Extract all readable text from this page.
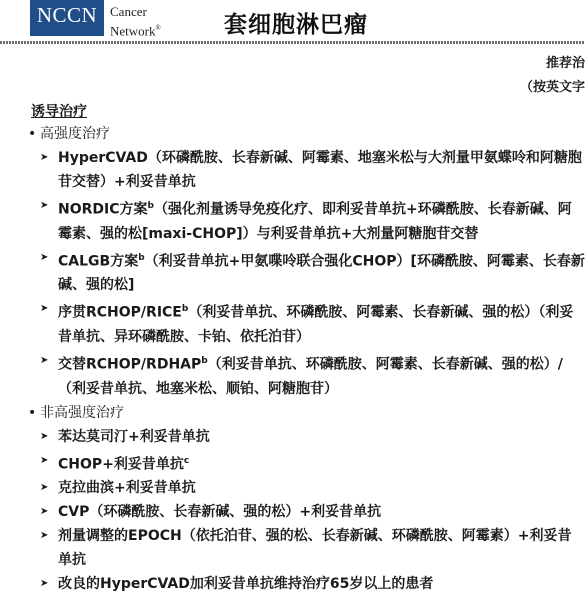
NCCN Cancer
Network®	套细胞淋巴瘤
推荐治
（按英文字
诱导治疗
• 高强度治疗
➤ HyperCVAD（环磷酰胺、长春新碱、阿霉素、地塞米松与大剂量甲氨蝶呤和阿糖胞苷交替）+利妥昔单抗
➤ NORDIC方案$^b$（强化剂量诱导免疫化疗、即利妥昔单抗+环磷酰胺、长春新碱、阿霉素、强的松[maxi-CHOP]）与利妥昔单抗+大剂量阿糖胞苷交替
➤ CALGB方案$^b$（利妥昔单抗+甲氨喋呤联合强化CHOP）[环磷酰胺、阿霉素、长春新碱、强的松]
➤ 序贯RCHOP/RICE$^b$（利妥昔单抗、环磷酰胺、阿霉素、长春新碱、强的松）（利妥昔单抗、异环磷酰胺、卡铂、依托泊苷）
➤ 交替RCHOP/RDHAP$^b$（利妥昔单抗、环磷酰胺、阿霉素、长春新碱、强的松）/（利妥昔单抗、地塞米松、顺铂、阿糖胞苷）
• 非高强度治疗
➤ 苯达莫司汀+利妥昔单抗
➤ CHOP+利妥昔单抗$^c$
➤ 克拉曲滨+利妥昔单抗
➤ CVP（环磷酰胺、长春新碱、强的松）+利妥昔单抗
➤ 剂量调整的EPOCH（依托泊苷、强的松、长春新碱、环磷酰胺、阿霉素）+利妥昔单抗
➤ 改良的HyperCVAD加利妥昔单抗维持治疗65岁以上的患者
